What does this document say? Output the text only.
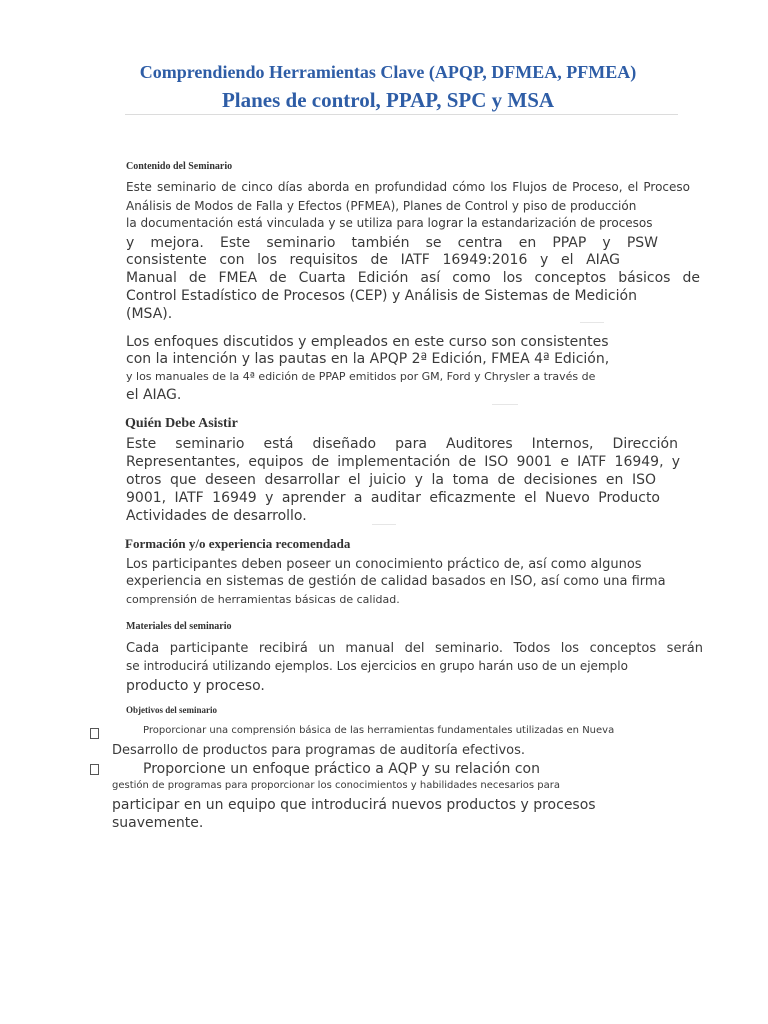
Comprendiendo Herramientas Clave (APQP, DFMEA, PFMEA)
Planes de control, PPAP, SPC y MSA
Contenido del Seminario
Este seminario de cinco días aborda en profundidad cómo los Flujos de Proceso, el Proceso
Análisis de Modos de Falla y Efectos (PFMEA), Planes de Control y piso de producción
la documentación está vinculada y se utiliza para lograr la estandarización de procesos
y mejora. Este seminario también se centra en PPAP y PSW
consistente con los requisitos de IATF 16949:2016 y el AIAG
Manual de FMEA de Cuarta Edición así como los conceptos básicos de
Control Estadístico de Procesos (CEP) y Análisis de Sistemas de Medición
(MSA).
Los enfoques discutidos y empleados en este curso son consistentes
con la intención y las pautas en la APQP 2ª Edición, FMEA 4ª Edición,
y los manuales de la 4ª edición de PPAP emitidos por GM, Ford y Chrysler a través de
el AIAG.
Quién Debe Asistir
Este seminario está diseñado para Auditores Internos, Dirección
Representantes, equipos de implementación de ISO 9001 e IATF 16949, y
otros que deseen desarrollar el juicio y la toma de decisiones en ISO
9001, IATF 16949 y aprender a auditar eficazmente el Nuevo Producto
Actividades de desarrollo.
Formación y/o experiencia recomendada
Los participantes deben poseer un conocimiento práctico de, así como algunos
experiencia en sistemas de gestión de calidad basados en ISO, así como una firma
comprensión de herramientas básicas de calidad.
Materiales del seminario
Cada participante recibirá un manual del seminario. Todos los conceptos serán
se introducirá utilizando ejemplos. Los ejercicios en grupo harán uso de un ejemplo
producto y proceso.
Objetivos del seminario
Proporcionar una comprensión básica de las herramientas fundamentales utilizadas en Nueva
Desarrollo de productos para programas de auditoría efectivos.
Proporcione un enfoque práctico a AQP y su relación con
gestión de programas para proporcionar los conocimientos y habilidades necesarios para
participar en un equipo que introducirá nuevos productos y procesos
suavemente.
